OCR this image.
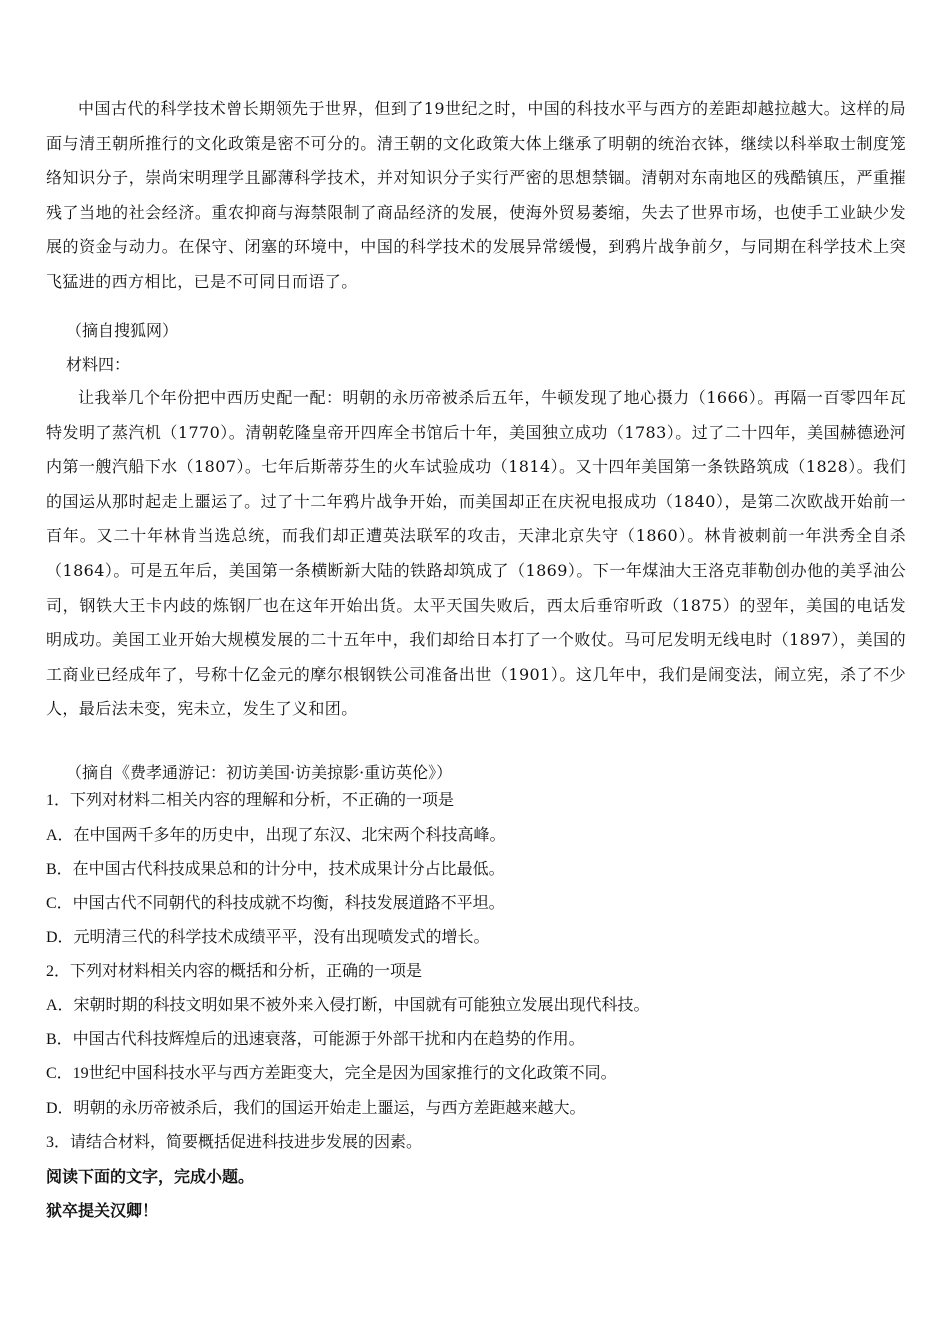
中国古代的科学技术曾长期领先于世界，但到了19世纪之时，中国的科技水平与西方的差距却越拉越大。这样的局面与清王朝所推行的文化政策是密不可分的。清王朝的文化政策大体上继承了明朝的统治衣钵，继续以科举取士制度笼络知识分子，崇尚宋明理学且鄙薄科学技术，并对知识分子实行严密的思想禁锢。清朝对东南地区的残酷镇压，严重摧残了当地的社会经济。重农抑商与海禁限制了商品经济的发展，使海外贸易萎缩，失去了世界市场，也使手工业缺少发展的资金与动力。在保守、闭塞的环境中，中国的科学技术的发展异常缓慢，到鸦片战争前夕，与同期在科学技术上突飞猛进的西方相比，已是不可同日而语了。

（摘自搜狐网）

材料四：

让我举几个年份把中西历史配一配：明朝的永历帝被杀后五年，牛顿发现了地心摄力（1666）。再隔一百零四年瓦特发明了蒸汽机（1770）。清朝乾隆皇帝开四库全书馆后十年，美国独立成功（1783）。过了二十四年，美国赫德逊河内第一艘汽船下水（1807）。七年后斯蒂芬生的火车试验成功（1814）。又十四年美国第一条铁路筑成（1828）。我们的国运从那时起走上噩运了。过了十二年鸦片战争开始，而美国却正在庆祝电报成功（1840），是第二次欧战开始前一百年。又二十年林肯当选总统，而我们却正遭英法联军的攻击，天津北京失守（1860）。林肯被刺前一年洪秀全自杀（1864）。可是五年后，美国第一条横断新大陆的铁路却筑成了（1869）。下一年煤油大王洛克菲勒创办他的美孚油公司，钢铁大王卡内歧的炼钢厂也在这年开始出货。太平天国失败后，西太后垂帘听政（1875）的翌年，美国的电话发明成功。美国工业开始大规模发展的二十五年中，我们却给日本打了一个败仗。马可尼发明无线电时（1897），美国的工商业已经成年了，号称十亿金元的摩尔根钢铁公司准备出世（1901）。这几年中，我们是闹变法，闹立宪，杀了不少人，最后法未变，宪未立，发生了义和团。

（摘自《费孝通游记：初访美国·访美掠影·重访英伦》）

1．下列对材料二相关内容的理解和分析，不正确的一项是

A．在中国两千多年的历史中，出现了东汉、北宋两个科技高峰。

B．在中国古代科技成果总和的计分中，技术成果计分占比最低。

C．中国古代不同朝代的科技成就不均衡，科技发展道路不平坦。

D．元明清三代的科学技术成绩平平，没有出现喷发式的增长。

2．下列对材料相关内容的概括和分析，正确的一项是

A．宋朝时期的科技文明如果不被外来入侵打断，中国就有可能独立发展出现代科技。

B．中国古代科技辉煌后的迅速衰落，可能源于外部干扰和内在趋势的作用。

C．19世纪中国科技水平与西方差距变大，完全是因为国家推行的文化政策不同。

D．明朝的永历帝被杀后，我们的国运开始走上噩运，与西方差距越来越大。

3．请结合材料，简要概括促进科技进步发展的因素。

阅读下面的文字，完成小题。

狱卒提关汉卿！
